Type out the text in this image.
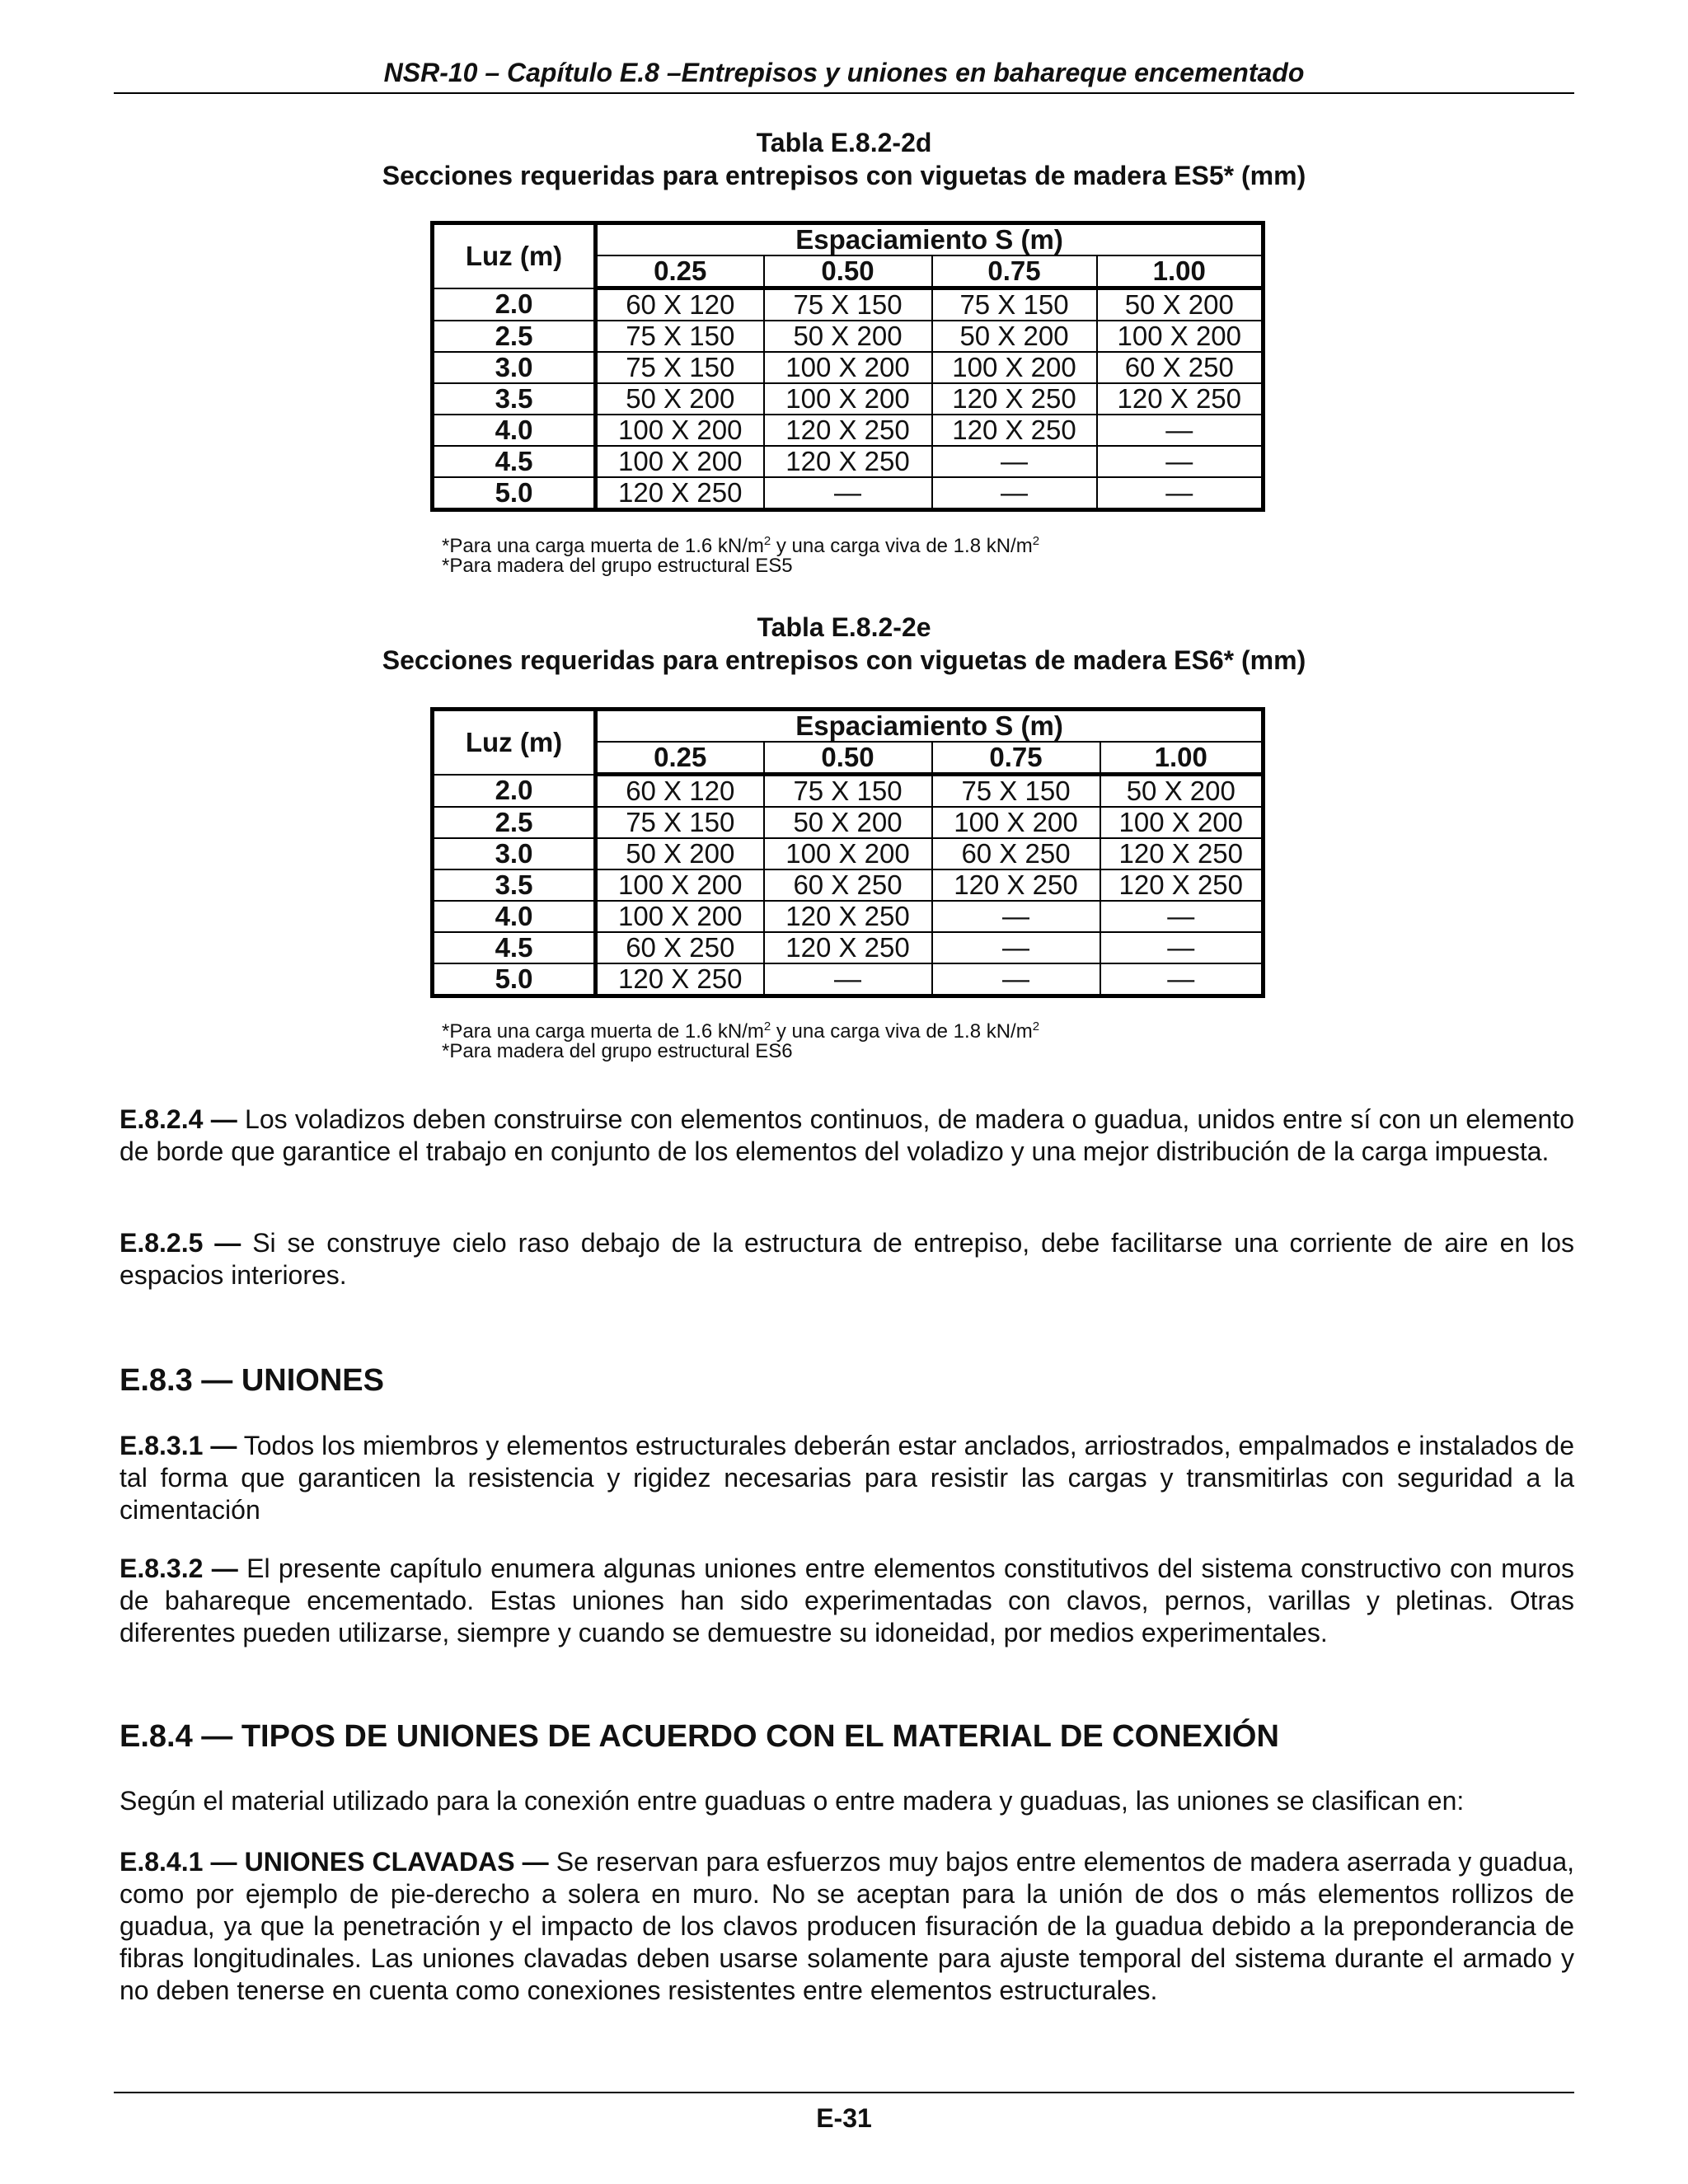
NSR-10 – Capítulo E.8 –Entrepisos y uniones en bahareque encementado
Tabla E.8.2-2d
Secciones requeridas para entrepisos con viguetas de madera ES5* (mm)
Luz (m)	Espaciamiento S (m)			
	0.25	0.50	0.75	1.00
2.0	60 X 120	75 X 150	75 X 150	50 X 200
2.5	75 X 150	50 X 200	50 X 200	100 X 200
3.0	75 X 150	100 X 200	100 X 200	60 X 250
3.5	50 X 200	100 X 200	120 X 250	120 X 250
4.0	100 X 200	120 X 250	120 X 250	—
4.5	100 X 200	120 X 250	—	—
5.0	120 X 250	—	—	—
*Para una carga muerta de 1.6 $kN/m^2$ y una carga viva de 1.8 $kN/m^2$
*Para madera del grupo estructural ES5
Tabla E.8.2-2e
Secciones requeridas para entrepisos con viguetas de madera ES6* (mm)
Luz (m)	Espaciamiento S (m)			
	0.25	0.50	0.75	1.00
2.0	60 X 120	75 X 150	75 X 150	50 X 200
2.5	75 X 150	50 X 200	100 X 200	100 X 200
3.0	50 X 200	100 X 200	60 X 250	120 X 250
3.5	100 X 200	60 X 250	120 X 250	120 X 250
4.0	100 X 200	120 X 250	—	—
4.5	60 X 250	120 X 250	—	—
5.0	120 X 250	—	—	—
*Para una carga muerta de 1.6 $kN/m^2$ y una carga viva de 1.8 $kN/m^2$
*Para madera del grupo estructural ES6
E.8.2.4 — Los voladizos deben construirse con elementos continuos, de madera o guadua, unidos entre sí con un elemento de borde que garantice el trabajo en conjunto de los elementos del voladizo y una mejor distribución de la carga impuesta.
E.8.2.5 — Si se construye cielo raso debajo de la estructura de entrepiso, debe facilitarse una corriente de aire en los espacios interiores.
E.8.3 — UNIONES
E.8.3.1 — Todos los miembros y elementos estructurales deberán estar anclados, arriostrados, empalmados e instalados de tal forma que garanticen la resistencia y rigidez necesarias para resistir las cargas y transmitirlas con seguridad a la cimentación
E.8.3.2 — El presente capítulo enumera algunas uniones entre elementos constitutivos del sistema constructivo con muros de bahareque encementado. Estas uniones han sido experimentadas con clavos, pernos, varillas y pletinas. Otras diferentes pueden utilizarse, siempre y cuando se demuestre su idoneidad, por medios experimentales.
E.8.4 — TIPOS DE UNIONES DE ACUERDO CON EL MATERIAL DE CONEXIÓN
Según el material utilizado para la conexión entre guaduas o entre madera y guaduas, las uniones se clasifican en:
E.8.4.1 — UNIONES CLAVADAS — Se reservan para esfuerzos muy bajos entre elementos de madera aserrada y guadua, como por ejemplo de pie-derecho a solera en muro. No se aceptan para la unión de dos o más elementos rollizos de guadua, ya que la penetración y el impacto de los clavos producen fisuración de la guadua debido a la preponderancia de fibras longitudinales. Las uniones clavadas deben usarse solamente para ajuste temporal del sistema durante el armado y no deben tenerse en cuenta como conexiones resistentes entre elementos estructurales.
E-31
